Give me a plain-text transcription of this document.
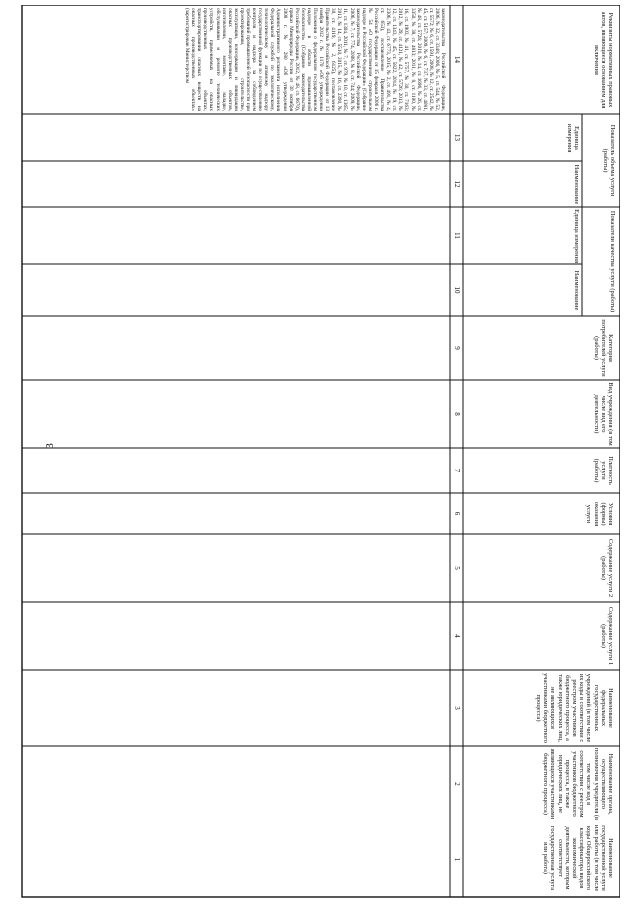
3
Реквизиты нормативных правовых актов, являющиеся основанием для включения
Показатель объема услуги (работы)
Единица измерения
Наименование
Показатели качества услуги (работы)
Единица измерения
Наименование
Категория потребителей услуги (работы)
Вид учреждения (в том числе вид его деятельности)
Платность услуги (работы)
Условия (формы) оказания услуги
Содержание услуги 2 (работы)
Содержание услуги 1 (работы)
Наименование федеральных государственных учреждений (в том числе их коды в соответствии с реестром участников бюджетного процесса, а также юридических лиц, не являющихся участниками бюджетного процесса)
Наименование органа, осуществляющего полномочия учредителя (в том числе код в соответствии с реестром участников бюджетного процесса, в также юридических лиц, не являющихся участниками бюджетного процесса)
Наименование государственной услуги или работы (в том числе коды Общероссийского классификатора видов экономической деятельности, которым соответствует государственная услуга или работа)
14
13
12
11
10
9
8
7
6
5
4
3
2
1
законодательства Российской Федерации, 2006, № 32, ст. 3348; 2006, № 5, ст. 544, № 52, ст. 5572; № 6, ст. 1591, 2008, № 12, ст. 2542, № 45, ст. 5157; 2009, № 6, ст. 737, № 33, ст. 4081, № 48, ст. 5726; 2010, № 14, ст. 1696, № 26, ст. 3350, № 38, ст. 4813; 2011, № 8, ст. 1100, № 16, ст. 1903, № 41, ст. 5757, № 30, ст. 7163; 2012, № 29, ст. 4121, № 42, ст. 5726; 2013, № 12, ст. 1343, № 45, ст. 5822, 2014, № 19, ст. 2306, № 43, ст. 6773, 2015, № 2, ст. 491, № 4, ст. 653), постановление Правительства Российской Федерации от 15 февраля 2006 г. № 54 «О государственном строительном надзоре в Российской Федерации» (Собрание законодательства Российской Федерации, 2006, № 7, ст. 774, 2008, № 8, ст. 744; 2009, № 11, ст. 1304, 2011, № 7, ст. 979, № 10, ст. 1365; 2013, № 14, ст. 5510, 2015, № 16, ст. 2390, № 30, ст. 4119, № 2, 6125), постановление Правительства Российской Федерации от 13 ноября 2012 г. № 1170 «Об утверждении Положения о федеральном государственном надзоре в области промышленной безопасности» (Собрание законодательства Российской Федерации, 2012, № 48, ст. 6670), приказ Минприроды России от 30 октября 2008 г. № 280 «Об утверждении Административного регламента исполнения Федеральной службой по экологическому, технологическому и атомному надзору государственной функции по осуществлению контроля и надзора за соблюдением требований промышленной безопасности при проектировании, строительстве, эксплуатации, консервации и ликвидации опасных производственных объектов, изготовлении, монтаже, наладке, обслуживании и ремонте технических устройств, применяемых на опасных производственных объектах, транспортировании опасных веществ на опасных производственных объектах» (зарегистрирован Министерством
